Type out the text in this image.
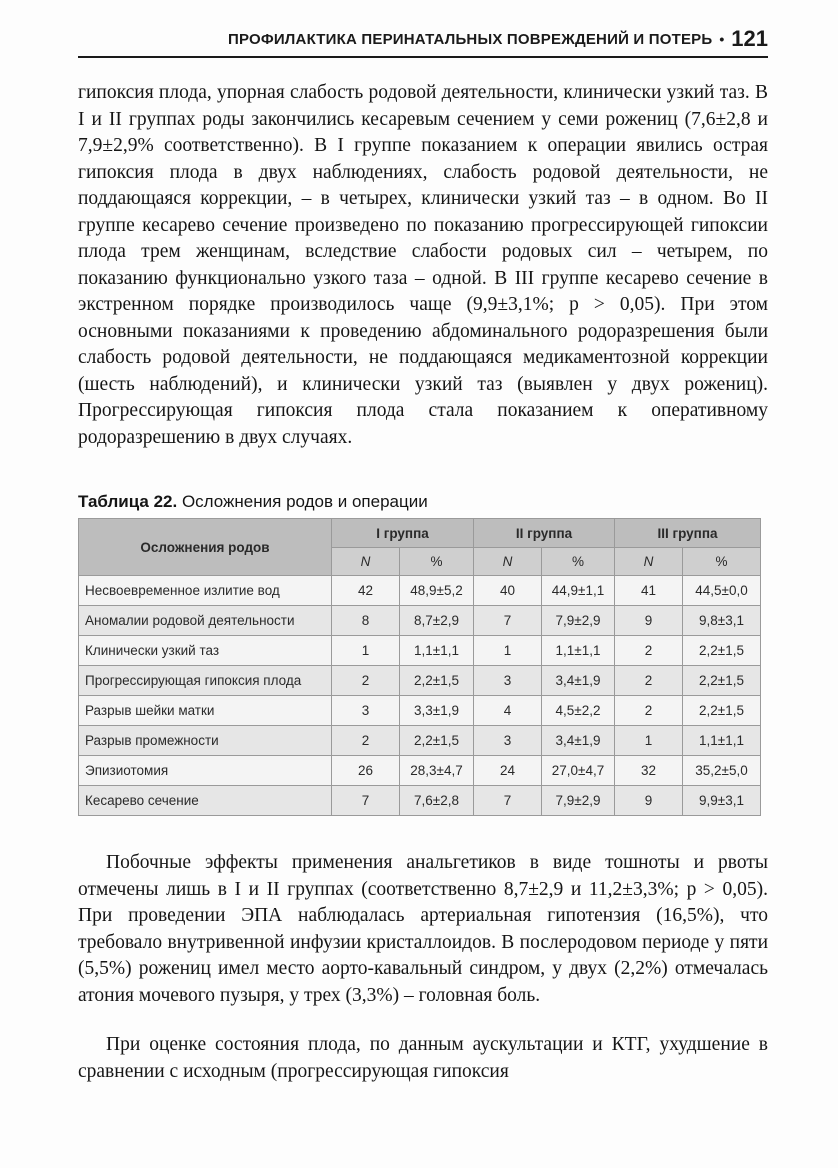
ПРОФИЛАКТИКА ПЕРИНАТАЛЬНЫХ ПОВРЕЖДЕНИЙ И ПОТЕРЬ • 121

гипоксия плода, упорная слабость родовой деятельности, клинически узкий таз. В I и II группах роды закончились кесаревым сечением у семи рожениц (7,6±2,8 и 7,9±2,9% соответственно). В I группе показанием к операции явились острая гипоксия плода в двух наблюдениях, слабость родовой деятельности, не поддающаяся коррекции, – в четырех, клинически узкий таз – в одном. Во II группе кесарево сечение произведено по показанию прогрессирующей гипоксии плода трем женщинам, вследствие слабости родовых сил – четырем, по показанию функционально узкого таза – одной. В III группе кесарево сечение в экстренном порядке производилось чаще (9,9±3,1%; p > 0,05). При этом основными показаниями к проведению абдоминального родоразрешения были слабость родовой деятельности, не поддающаяся медикаментозной коррекции (шесть наблюдений), и клинически узкий таз (выявлен у двух рожениц). Прогрессирующая гипоксия плода стала показанием к оперативному родоразрешению в двух случаях.

Таблица 22. Осложнения родов и операции
Осложнения родов	I группа		II группа		III группа	
	N	%	N	%	N	%
Несвоевременное излитие вод	42	48,9±5,2	40	44,9±1,1	41	44,5±0,0
Аномалии родовой деятельности	8	8,7±2,9	7	7,9±2,9	9	9,8±3,1
Клинически узкий таз	1	1,1±1,1	1	1,1±1,1	2	2,2±1,5
Прогрессирующая гипоксия плода	2	2,2±1,5	3	3,4±1,9	2	2,2±1,5
Разрыв шейки матки	3	3,3±1,9	4	4,5±2,2	2	2,2±1,5
Разрыв промежности	2	2,2±1,5	3	3,4±1,9	1	1,1±1,1
Эпизиотомия	26	28,3±4,7	24	27,0±4,7	32	35,2±5,0
Кесарево сечение	7	7,6±2,8	7	7,9±2,9	9	9,9±3,1

Побочные эффекты применения анальгетиков в виде тошноты и рвоты отмечены лишь в I и II группах (соответственно 8,7±2,9 и 11,2±3,3%; p > 0,05). При проведении ЭПА наблюдалась артериальная гипотензия (16,5%), что требовало внутривенной инфузии кристаллоидов. В послеродовом периоде у пяти (5,5%) рожениц имел место аорто-кавальный синдром, у двух (2,2%) отмечалась атония мочевого пузыря, у трех (3,3%) – головная боль.

При оценке состояния плода, по данным аускультации и КТГ, ухудшение в сравнении с исходным (прогрессирующая гипоксия
